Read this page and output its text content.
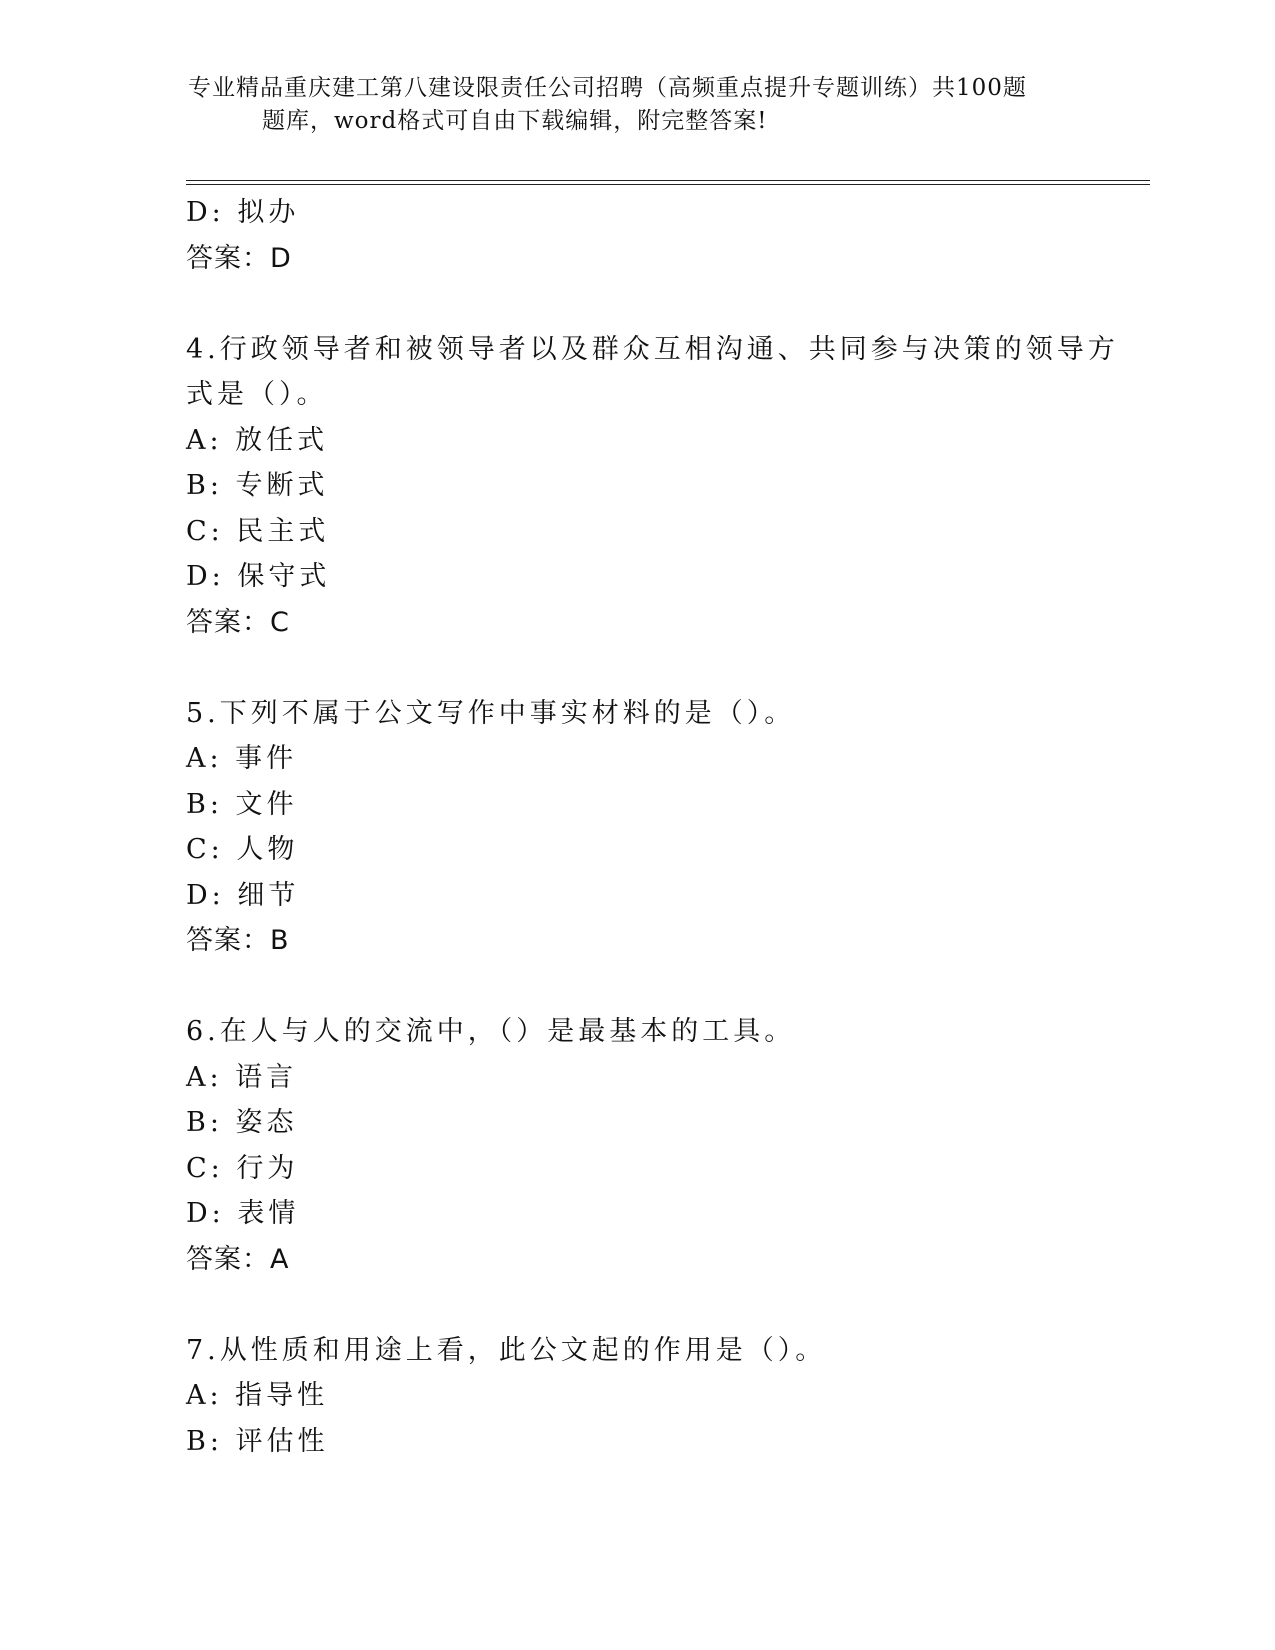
专业精品重庆建工第八建设限责任公司招聘（高频重点提升专题训练）共100题
题库，word格式可自由下载编辑，附完整答案!
D: 拟办
答案：D
4.行政领导者和被领导者以及群众互相沟通、共同参与决策的领导方
式是（）。
A: 放任式
B: 专断式
C: 民主式
D: 保守式
答案：C
5.下列不属于公文写作中事实材料的是（）。
A: 事件
B: 文件
C: 人物
D: 细节
答案：B
6.在人与人的交流中，（）是最基本的工具。
A: 语言
B: 姿态
C: 行为
D: 表情
答案：A
7.从性质和用途上看，此公文起的作用是（）。
A: 指导性
B: 评估性
